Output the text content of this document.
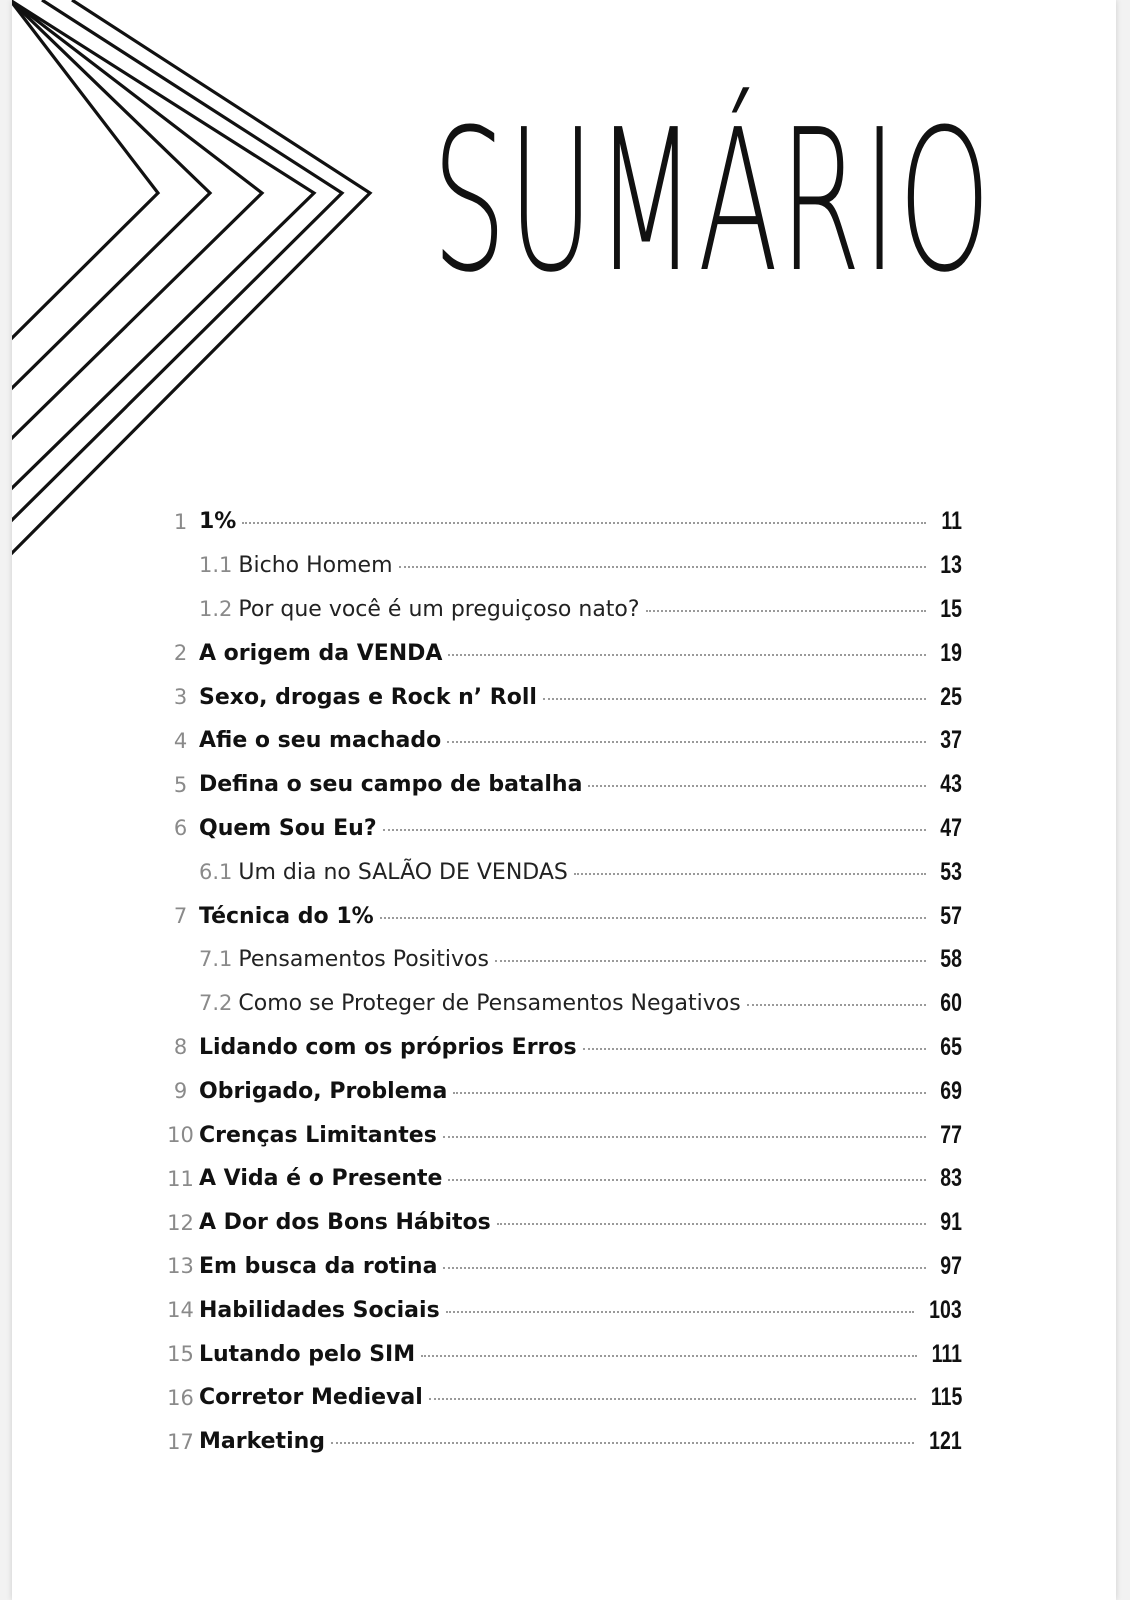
SUMÁRIO
1 1%	11
1.1 Bicho Homem	13
1.2 Por que você é um preguiçoso nato?	15
2 A origem da VENDA	19
3 Sexo, drogas e Rock n’ Roll	25
4 Afie o seu machado	37
5 Defina o seu campo de batalha	43
6 Quem Sou Eu?	47
6.1 Um dia no SALÃO DE VENDAS	53
7 Técnica do 1%	57
7.1 Pensamentos Positivos	58
7.2 Como se Proteger de Pensamentos Negativos	60
8 Lidando com os próprios Erros	65
9 Obrigado, Problema	69
10 Crenças Limitantes	77
11 A Vida é o Presente	83
12 A Dor dos Bons Hábitos	91
13 Em busca da rotina	97
14 Habilidades Sociais	103
15 Lutando pelo SIM	111
16 Corretor Medieval	115
17 Marketing	121
